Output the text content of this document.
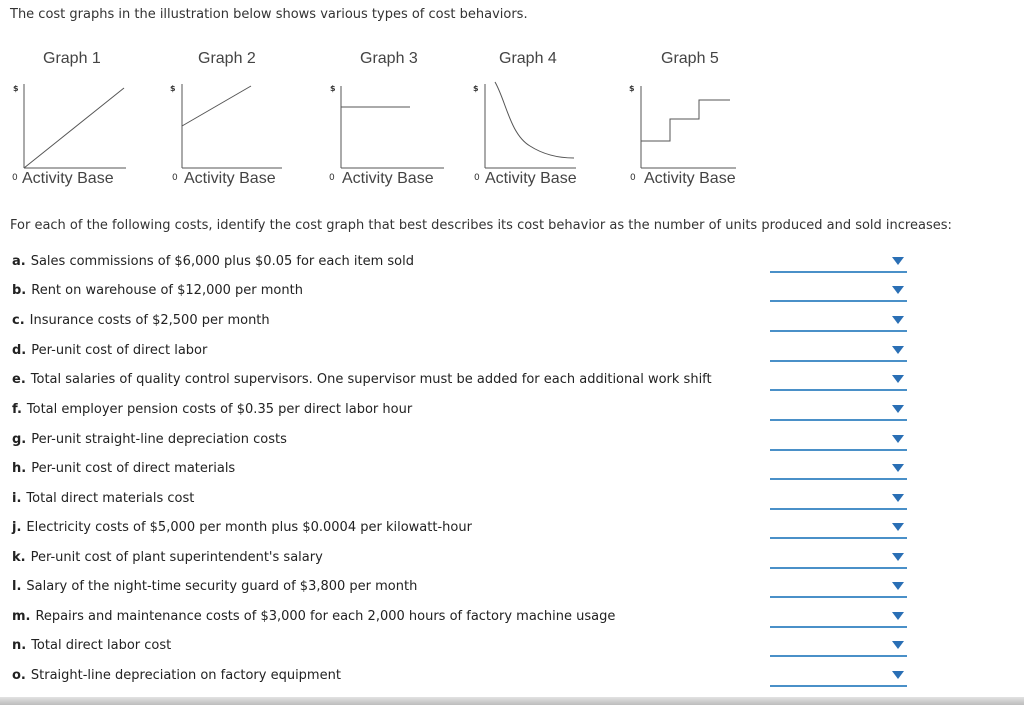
The cost graphs in the illustration below shows various types of cost behaviors.
Graph 1
$
0 Activity Base
Graph 2
$
0 Activity Base
Graph 3
$
0 Activity Base
Graph 4
$
0 Activity Base
Graph 5
$
0 Activity Base
For each of the following costs, identify the cost graph that best describes its cost behavior as the number of units produced and sold increases:
a. Sales commissions of $6,000 plus $0.05 for each item sold
b. Rent on warehouse of $12,000 per month
c. Insurance costs of $2,500 per month
d. Per-unit cost of direct labor
e. Total salaries of quality control supervisors. One supervisor must be added for each additional work shift
f. Total employer pension costs of $0.35 per direct labor hour
g. Per-unit straight-line depreciation costs
h. Per-unit cost of direct materials
i. Total direct materials cost
j. Electricity costs of $5,000 per month plus $0.0004 per kilowatt-hour
k. Per-unit cost of plant superintendent's salary
l. Salary of the night-time security guard of $3,800 per month
m. Repairs and maintenance costs of $3,000 for each 2,000 hours of factory machine usage
n. Total direct labor cost
o. Straight-line depreciation on factory equipment
